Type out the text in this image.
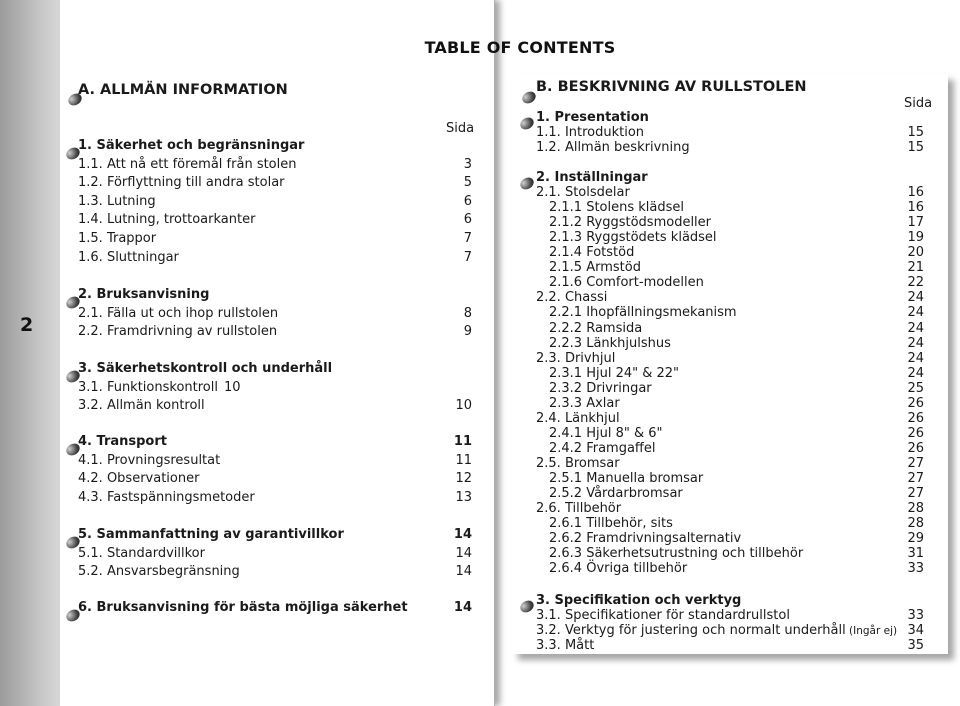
2
TABLE OF CONTENTS
A. ALLMÄN INFORMATION
Sida
1. Säkerhet och begränsningar
1.1. Att nå ett föremål från stolen	3
1.2. Förflyttning till andra stolar	5
1.3. Lutning	6
1.4. Lutning, trottoarkanter	6
1.5. Trappor	7
1.6. Sluttningar	7
2. Bruksanvisning
2.1. Fälla ut och ihop rullstolen	8
2.2. Framdrivning av rullstolen	9
3. Säkerhetskontroll och underhåll
3.1. Funktionskontroll 10
3.2. Allmän kontroll	10
4. Transport	11
4.1. Provningsresultat	11
4.2. Observationer	12
4.3. Fastspänningsmetoder	13
5. Sammanfattning av garantivillkor	14
5.1. Standardvillkor	14
5.2. Ansvarsbegränsning	14
6. Bruksanvisning för bästa möjliga säkerhet	14
B. BESKRIVNING AV RULLSTOLEN
Sida
1. Presentation
1.1. Introduktion	15
1.2. Allmän beskrivning	15
2. Inställningar
2.1. Stolsdelar	16
2.1.1 Stolens klädsel	16
2.1.2 Ryggstödsmodeller	17
2.1.3 Ryggstödets klädsel	19
2.1.4 Fotstöd	20
2.1.5 Armstöd	21
2.1.6 Comfort-modellen	22
2.2. Chassi	24
2.2.1 Ihopfällningsmekanism	24
2.2.2 Ramsida	24
2.2.3 Länkhjulshus	24
2.3. Drivhjul	24
2.3.1 Hjul 24" & 22"	24
2.3.2 Drivringar	25
2.3.3 Axlar	26
2.4. Länkhjul	26
2.4.1 Hjul 8" & 6"	26
2.4.2 Framgaffel	26
2.5. Bromsar	27
2.5.1 Manuella bromsar	27
2.5.2 Vårdarbromsar	27
2.6. Tillbehör	28
2.6.1 Tillbehör, sits	28
2.6.2 Framdrivningsalternativ	29
2.6.3 Säkerhetsutrustning och tillbehör	31
2.6.4 Övriga tillbehör	33
3. Specifikation och verktyg
3.1. Specifikationer för standardrullstol	33
3.2. Verktyg för justering och normalt underhåll (Ingår ej) 34
3.3. Mått	35
